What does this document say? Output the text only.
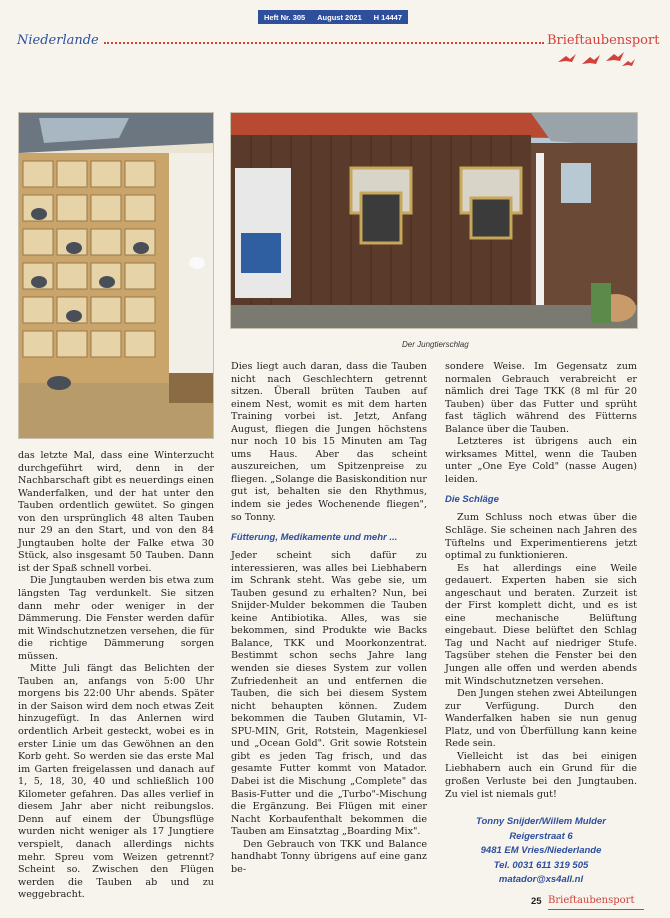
Heft Nr. 305 August 2021 H 14447
Niederlande	Brieftaubensport
Der Jungtierschlag

das letzte Mal, dass eine Winterzucht durchgeführt wird, denn in der Nachbarschaft gibt es neuerdings einen Wanderfalken, und der hat unter den Tauben ordentlich gewütet. So gingen von den ursprünglich 48 alten Tauben nur 29 an den Start, und von den 84 Jungtauben holte der Falke etwa 30 Stück, also insgesamt 50 Tauben. Dann ist der Spaß schnell vorbei.

Die Jungtauben werden bis etwa zum längsten Tag verdunkelt. Sie sitzen dann mehr oder weniger in der Dämmerung. Die Fenster werden dafür mit Windschutznetzen versehen, die für die richtige Dämmerung sorgen müssen.

Mitte Juli fängt das Belichten der Tauben an, anfangs von 5:00 Uhr morgens bis 22:00 Uhr abends. Später in der Saison wird dem noch etwas Zeit hinzugefügt. In das Anlernen wird ordentlich Arbeit gesteckt, wobei es in erster Linie um das Gewöhnen an den Korb geht. So werden sie das erste Mal im Garten freigelassen und danach auf 1, 5, 18, 30, 40 und schließlich 100 Kilometer gefahren. Das alles verlief in diesem Jahr aber nicht reibungslos. Denn auf einem der Übungsflüge wurden nicht weniger als 17 Jungtiere verspielt, danach allerdings nichts mehr. Spreu vom Weizen getrennt? Scheint so. Zwischen den Flügen werden die Tauben ab und zu weggebracht.

Dies liegt auch daran, dass die Tauben nicht nach Geschlechtern getrennt sitzen. Überall brüten Tauben auf einem Nest, womit es mit dem harten Training vorbei ist. Jetzt, Anfang August, fliegen die Jungen höchstens nur noch 10 bis 15 Minuten am Tag ums Haus. Aber das scheint auszureichen, um Spitzenpreise zu fliegen. „Solange die Basiskondition nur gut ist, behalten sie den Rhythmus, indem sie jedes Wochenende fliegen", so Tonny.

Fütterung, Medikamente und mehr ...

Jeder scheint sich dafür zu interessieren, was alles bei Liebhabern im Schrank steht. Was gebe sie, um Tauben gesund zu erhalten? Nun, bei Snijder-Mulder bekommen die Tauben keine Antibiotika. Alles, was sie bekommen, sind Produkte wie Backs Balance, TKK und Moorkonzentrat. Bestimmt schon sechs Jahre lang wenden sie dieses System zur vollen Zufriedenheit an und entfernen die Tauben, die sich bei diesem System nicht behaupten können. Zudem bekommen die Tauben Glutamin, VI-SPU-MIN, Grit, Rotstein, Magenkiesel und „Ocean Gold". Grit sowie Rotstein gibt es jeden Tag frisch, und das gesamte Futter kommt von Matador. Dabei ist die Mischung „Complete" das Basis-Futter und die „Turbo"-Mischung die Ergänzung. Bei Flügen mit einer Nacht Korbaufenthalt bekommen die Tauben am Einsatztag „Boarding Mix".

Den Gebrauch von TKK und Balance handhabt Tonny übrigens auf eine ganz be-

sondere Weise. Im Gegensatz zum normalen Gebrauch verabreicht er nämlich drei Tage TKK (8 ml für 20 Tauben) über das Futter und sprüht fast täglich während des Fütterns Balance über die Tauben.

Letzteres ist übrigens auch ein wirksames Mittel, wenn die Tauben unter „One Eye Cold" (nasse Augen) leiden.

Die Schläge

Zum Schluss noch etwas über die Schläge. Sie scheinen nach Jahren des Tüftelns und Experimentierens jetzt optimal zu funktionieren.

Es hat allerdings eine Weile gedauert. Experten haben sie sich angeschaut und beraten. Zurzeit ist der First komplett dicht, und es ist eine mechanische Belüftung eingebaut. Diese belüftet den Schlag Tag und Nacht auf niedriger Stufe. Tagsüber stehen die Fenster bei den Jungen alle offen und werden abends mit Windschutznetzen versehen.

Den Jungen stehen zwei Abteilungen zur Verfügung. Durch den Wanderfalken haben sie nun genug Platz, und von Überfüllung kann keine Rede sein.

Vielleicht ist das bei einigen Liebhabern auch ein Grund für die großen Verluste bei den Jungtauben. Zu viel ist niemals gut!

Tonny Snijder/Willem Mulder
Reigerstraat 6
9481 EM Vries/Niederlande
Tel. 0031 611 319 505
matador@xs4all.nl
25 Brieftaubensport
